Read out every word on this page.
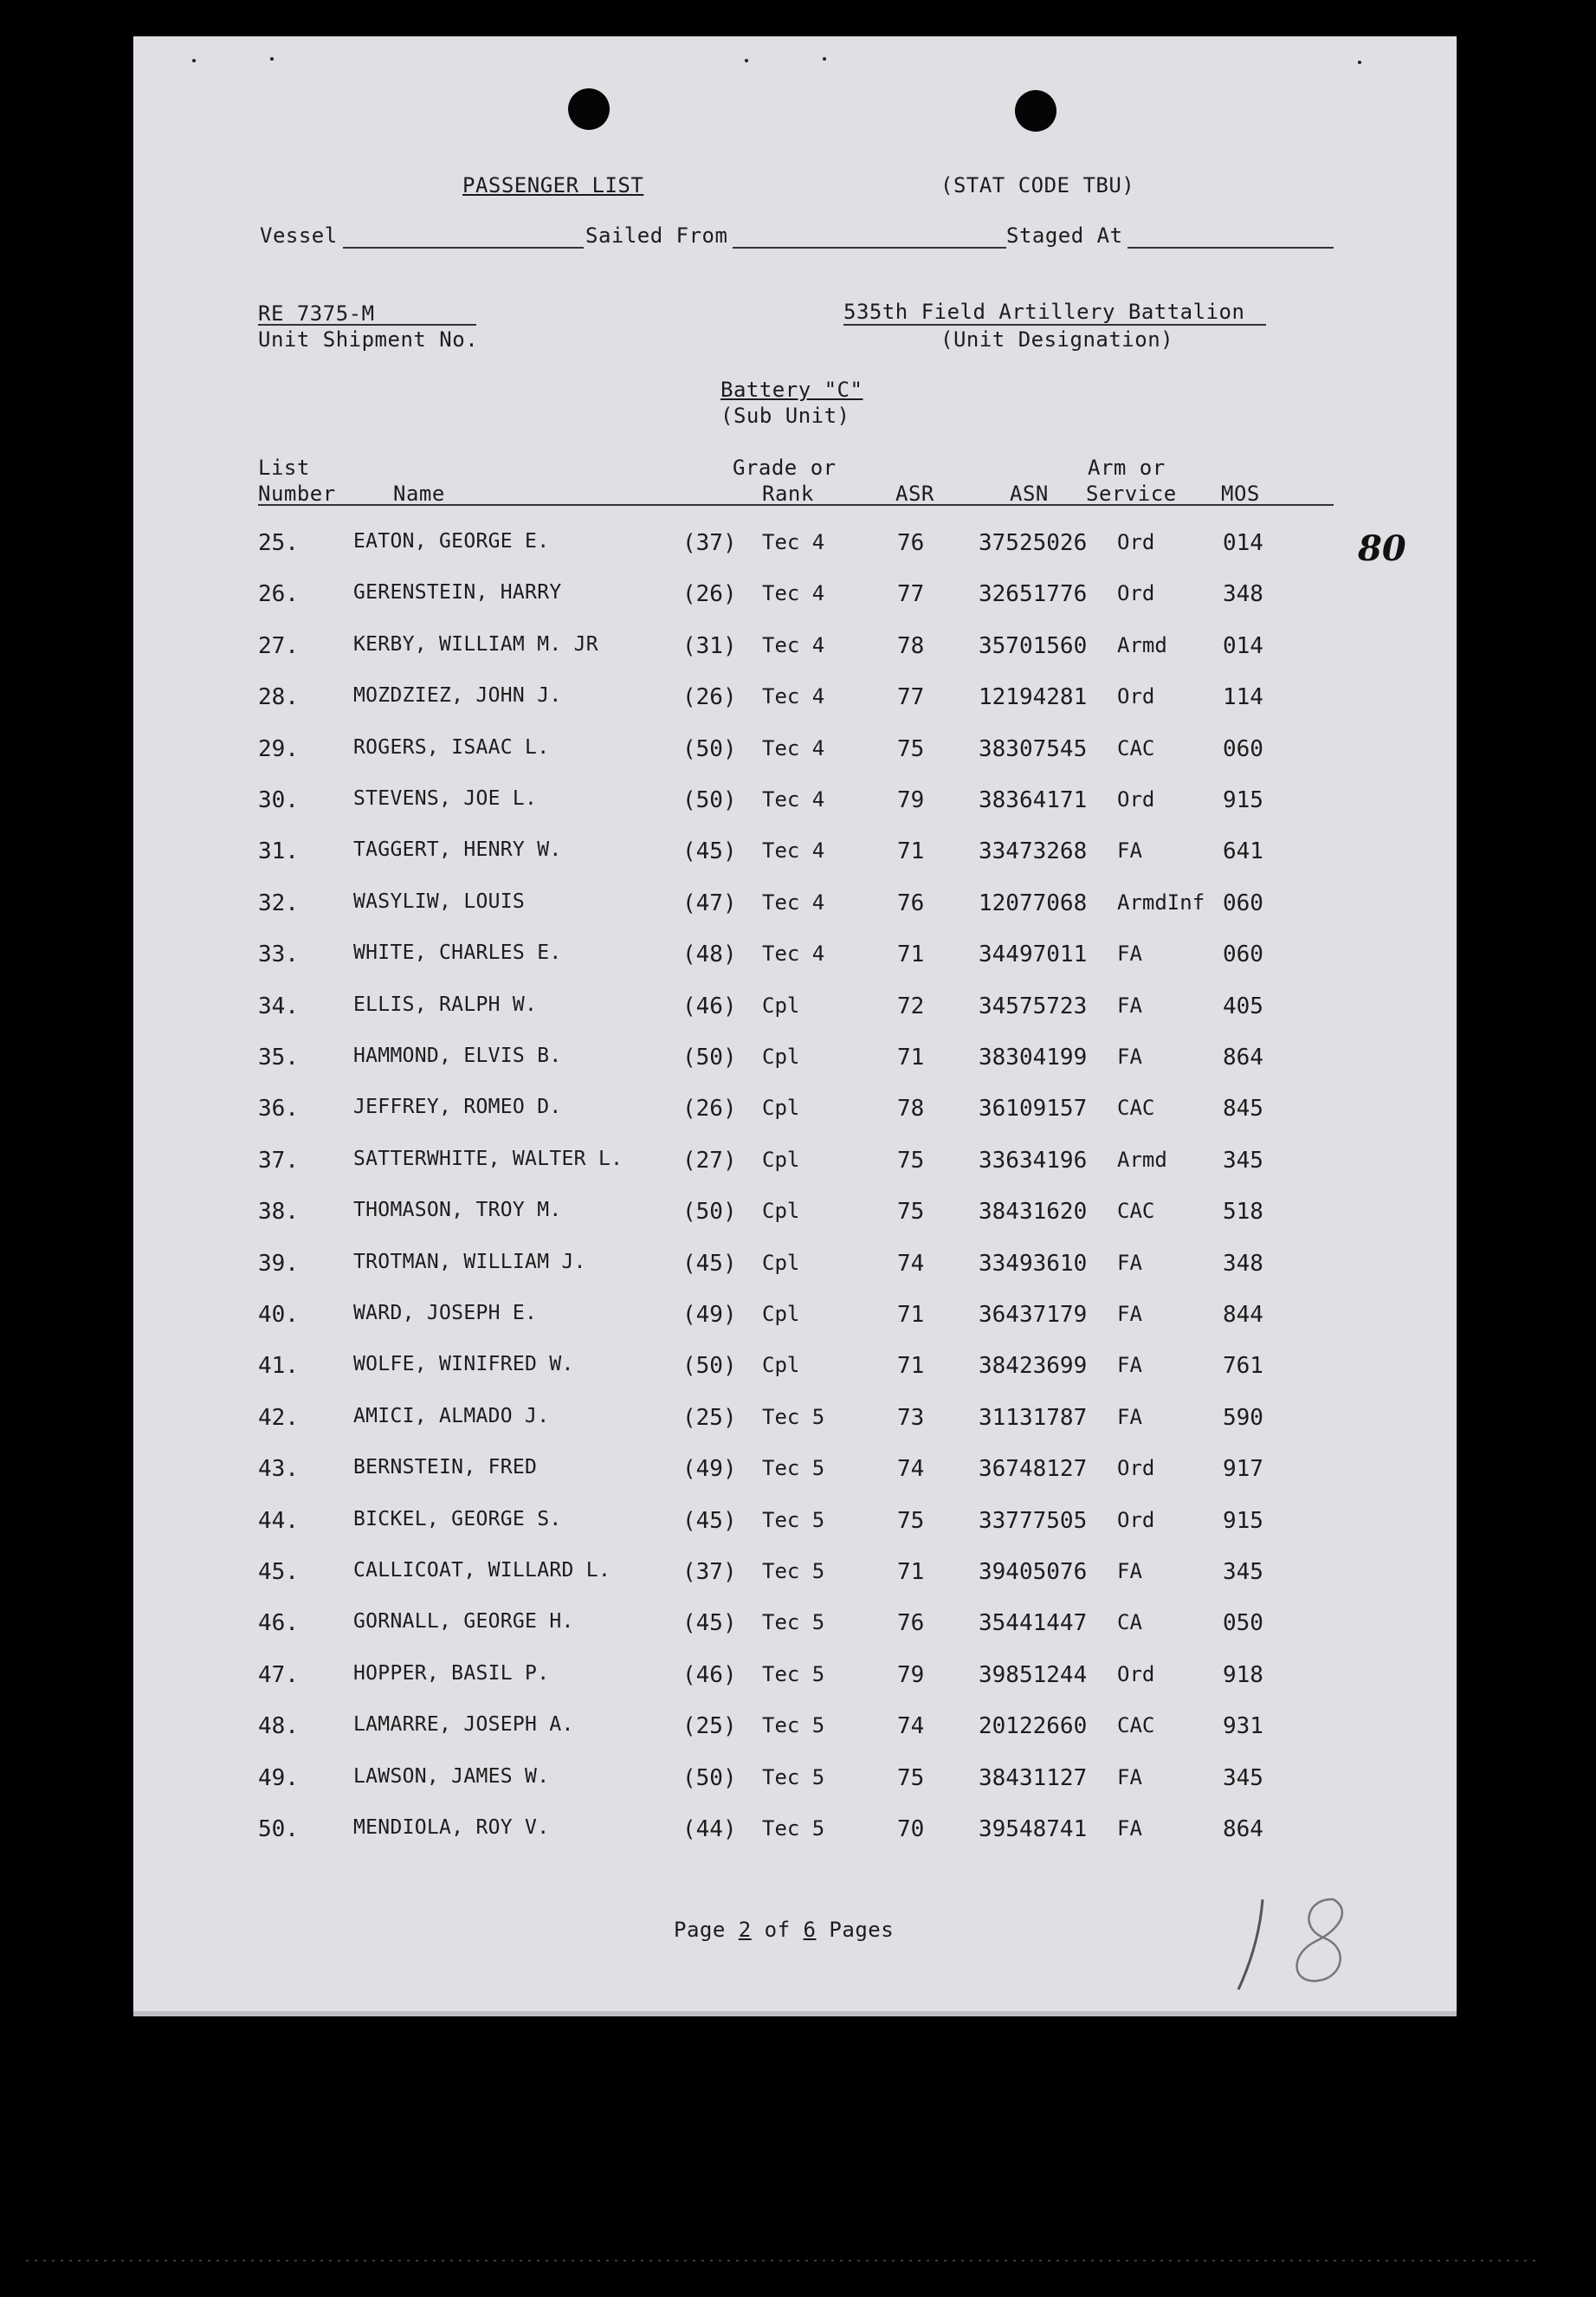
PASSENGER LIST	(STAT CODE TBU)
Vessel	Sailed From	Staged At
RE 7375-M
Unit Shipment No.
535th Field Artillery Battalion
(Unit Designation)
Battery "C"
(Sub Unit)
List
Number	Name
Grade or
Rank	ASR	ASN
Arm or
Service MOS
25.	EATON, GEORGE E.	(37) Tec 4	76 37525026 Ord	014
26.	GERENSTEIN, HARRY	(26) Tec 4	77 32651776 Ord	348
27.	KERBY, WILLIAM M. JR	(31) Tec 4	78 35701560 Armd 014
28.	MOZDZIEZ, JOHN J.	(26) Tec 4	77 12194281 Ord	114
29.	ROGERS, ISAAC L.	(50) Tec 4	75 38307545 CAC	060
30.	STEVENS, JOE L.	(50) Tec 4	79 38364171 Ord	915
31.	TAGGERT, HENRY W.	(45) Tec 4	71 33473268 FA	641
32.	WASYLIW, LOUIS	(47) Tec 4	76 12077068 ArmdInf 060
33.	WHITE, CHARLES E.	(48) Tec 4	71 34497011 FA	060
34.	ELLIS, RALPH W.	(46) Cpl	72 34575723 FA	405
35.	HAMMOND, ELVIS B.	(50) Cpl	71 38304199 FA	864
36.	JEFFREY, ROMEO D.	(26) Cpl	78 36109157 CAC	845
37.	SATTERWHITE, WALTER L.	(27) Cpl	75 33634196 Armd 345
38.	THOMASON, TROY M.	(50) Cpl	75 38431620 CAC	518
39.	TROTMAN, WILLIAM J.	(45) Cpl	74 33493610 FA	348
40.	WARD, JOSEPH E.	(49) Cpl	71 36437179 FA	844
41.	WOLFE, WINIFRED W.	(50) Cpl	71 38423699 FA	761
42.	AMICI, ALMADO J.	(25) Tec 5	73 31131787 FA	590
43.	BERNSTEIN, FRED	(49) Tec 5	74 36748127 Ord	917
44.	BICKEL, GEORGE S.	(45) Tec 5	75 33777505 Ord	915
45.	CALLICOAT, WILLARD L.	(37) Tec 5	71 39405076 FA	345
46.	GORNALL, GEORGE H.	(45) Tec 5	76 35441447 CA	050
47.	HOPPER, BASIL P.	(46) Tec 5	79 39851244 Ord	918
48.	LAMARRE, JOSEPH A.	(25) Tec 5	74 20122660 CAC	931
49.	LAWSON, JAMES W.	(50) Tec 5	75 38431127 FA	345
50.	MENDIOLA, ROY V.	(44) Tec 5	70 39548741 FA	864
80
Page 2 of 6 Pages
